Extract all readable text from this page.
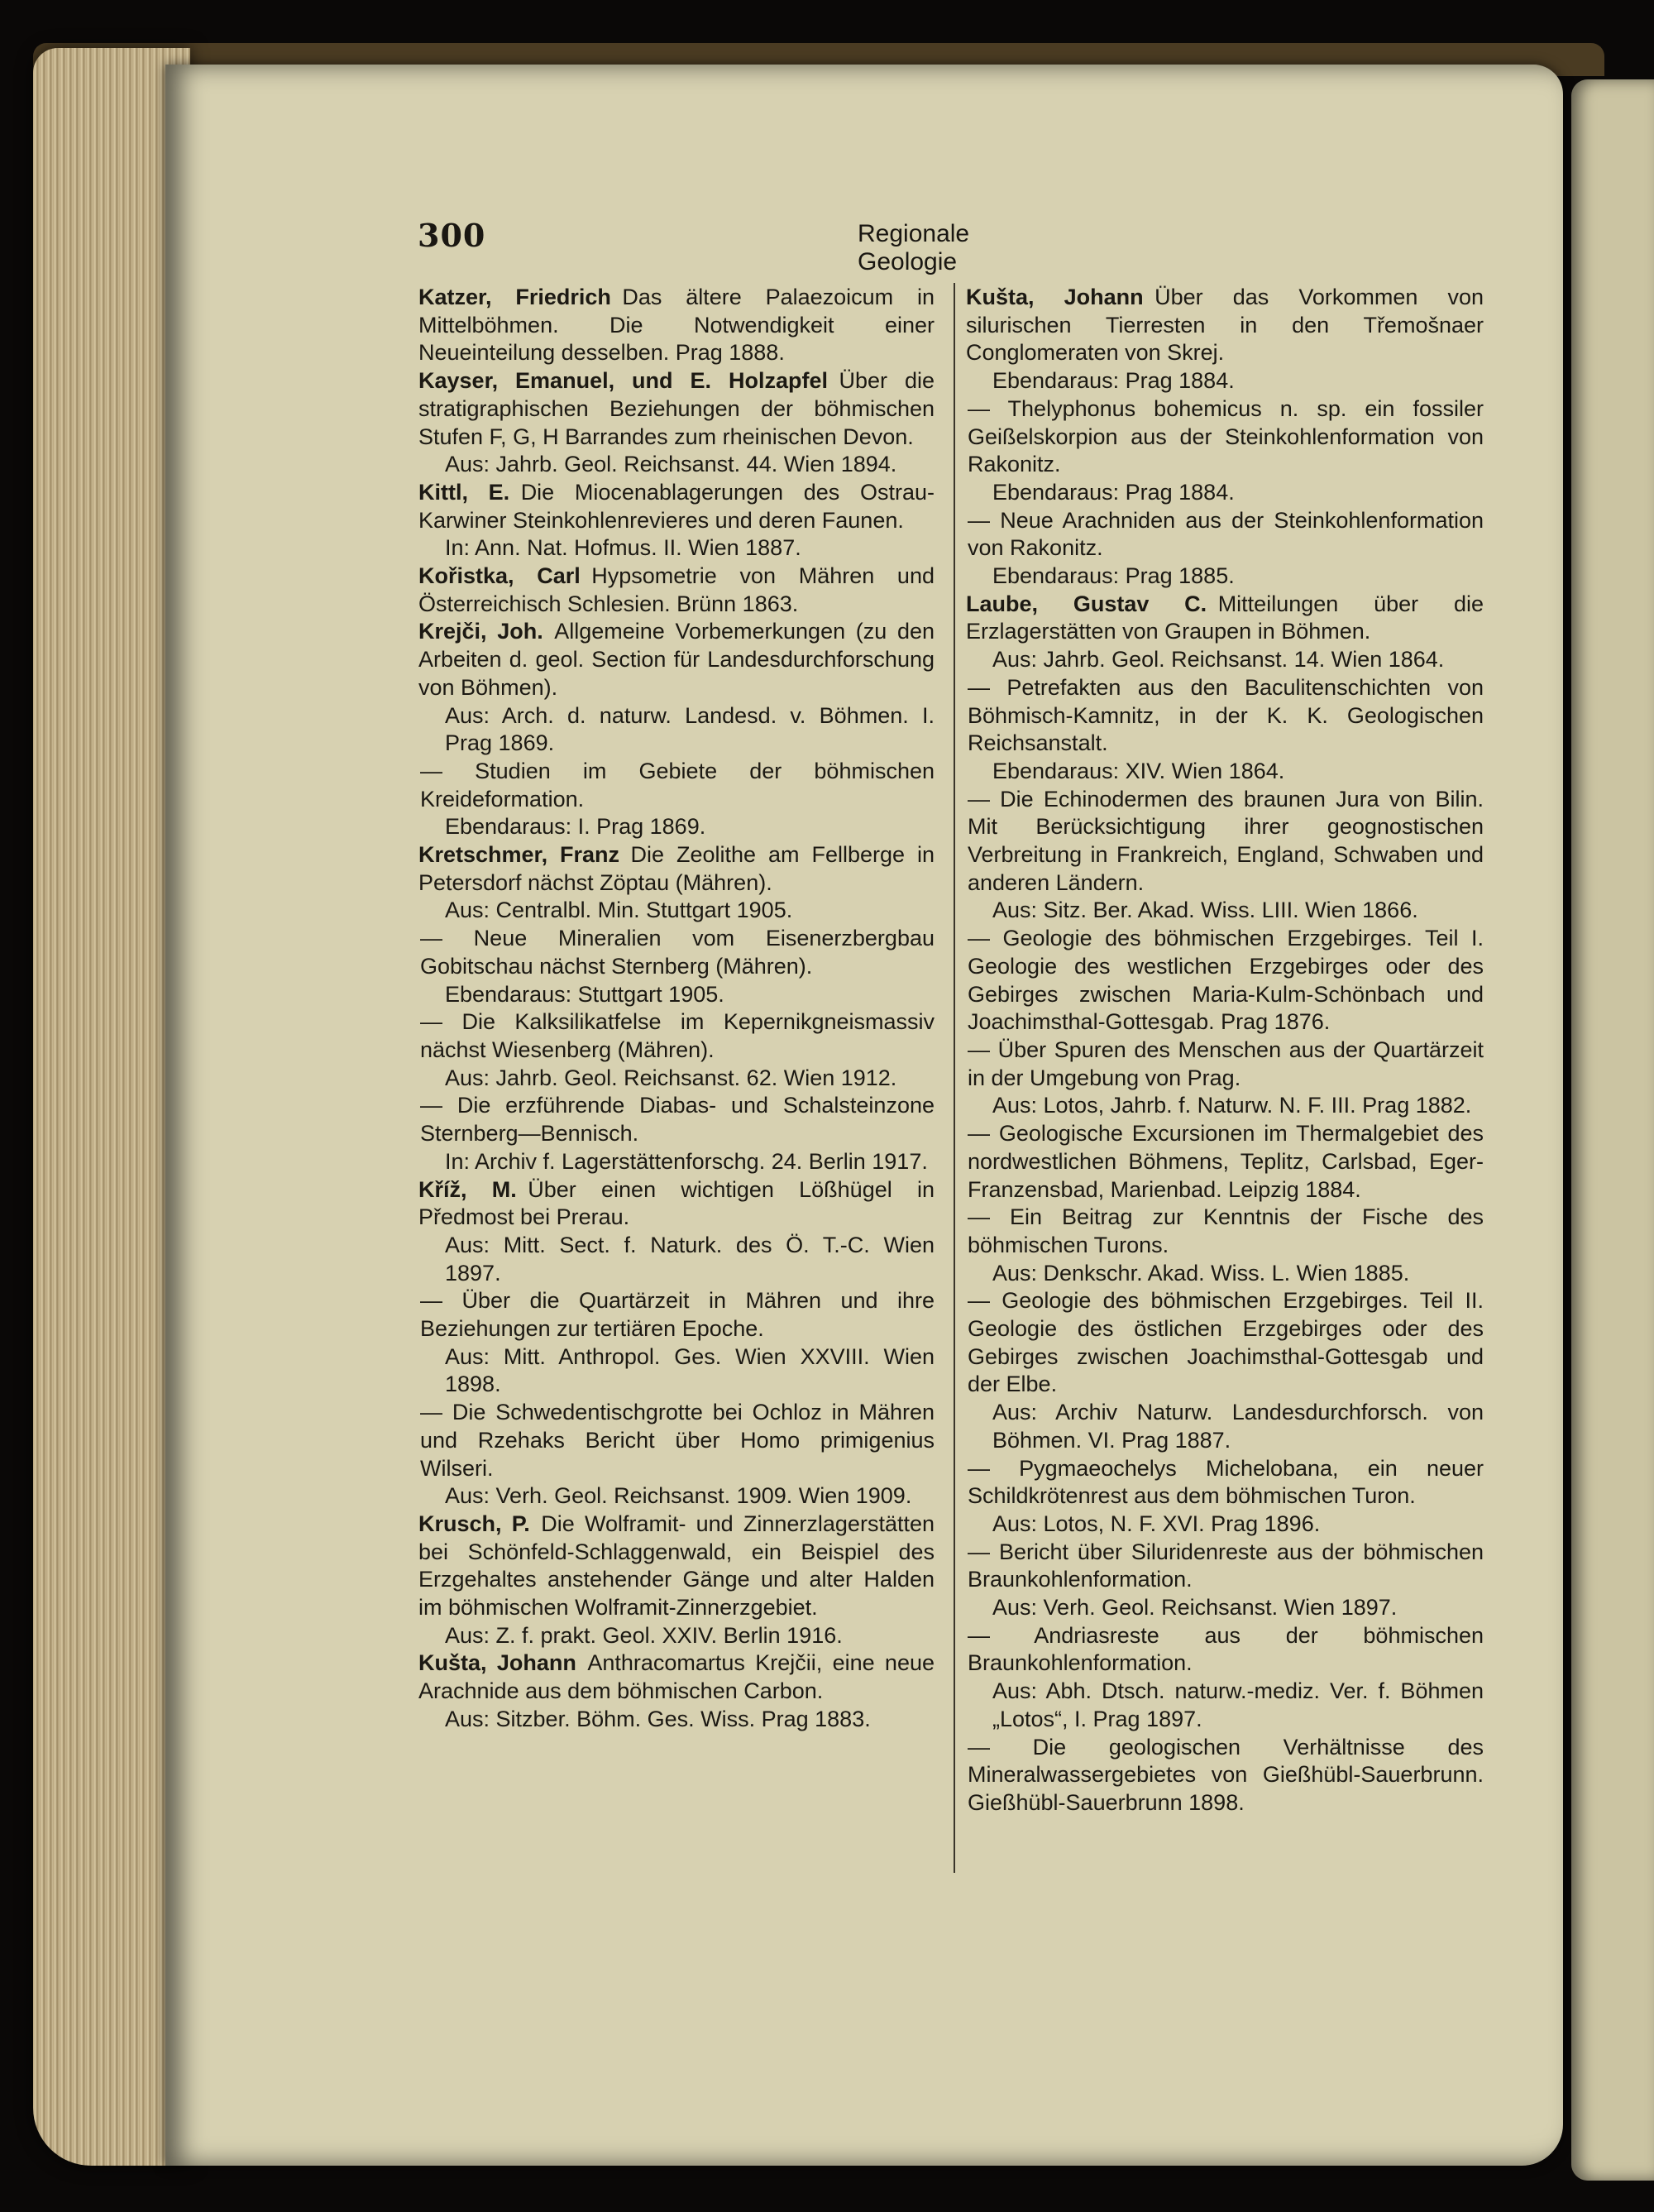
300	Regionale Geologie
Katzer, Friedrich  Das ältere Palaezoicum in Mittelböhmen. Die Notwendigkeit einer Neueinteilung desselben. Prag 1888.
Kayser, Emanuel, und E. Holzapfel  Über die stratigraphischen Beziehungen der böhmischen Stufen F, G, H Barrandes zum rheinischen Devon.
Aus: Jahrb. Geol. Reichsanst. 44. Wien 1894.
Kittl, E.  Die Miocenablagerungen des Ostrau-Karwiner Steinkohlenrevieres und deren Faunen.
In: Ann. Nat. Hofmus. II. Wien 1887.
Kořistka, Carl  Hypsometrie von Mähren und Österreichisch Schlesien. Brünn 1863.
Krejči, Joh.  Allgemeine Vorbemerkungen (zu den Arbeiten d. geol. Section für Landesdurchforschung von Böhmen).
Aus: Arch. d. naturw. Landesd. v. Böhmen. I. Prag 1869.
— Studien im Gebiete der böhmischen Kreideformation.
Ebendaraus: I. Prag 1869.
Kretschmer, Franz  Die Zeolithe am Fellberge in Petersdorf nächst Zöptau (Mähren).
Aus: Centralbl. Min. Stuttgart 1905.
— Neue Mineralien vom Eisenerzbergbau Gobitschau nächst Sternberg (Mähren).
Ebendaraus: Stuttgart 1905.
— Die Kalksilikatfelse im Kepernikgneismassiv nächst Wiesenberg (Mähren).
Aus: Jahrb. Geol. Reichsanst. 62. Wien 1912.
— Die erzführende Diabas- und Schalsteinzone Sternberg—Bennisch.
In: Archiv f. Lagerstättenforschg. 24. Berlin 1917.
Kříž, M.  Über einen wichtigen Lößhügel in Předmost bei Prerau.
Aus: Mitt. Sect. f. Naturk. des Ö. T.-C. Wien 1897.
— Über die Quartärzeit in Mähren und ihre Beziehungen zur tertiären Epoche.
Aus: Mitt. Anthropol. Ges. Wien XXVIII. Wien 1898.
— Die Schwedentischgrotte bei Ochloz in Mähren und Rzehaks Bericht über Homo primigenius Wilseri.
Aus: Verh. Geol. Reichsanst. 1909. Wien 1909.
Krusch, P.  Die Wolframit- und Zinnerzlagerstätten bei Schönfeld-Schlaggenwald, ein Beispiel des Erzgehaltes anstehender Gänge und alter Halden im böhmischen Wolframit-Zinnerzgebiet.
Aus: Z. f. prakt. Geol. XXIV. Berlin 1916.
Kušta, Johann  Anthracomartus Krejčii, eine neue Arachnide aus dem böhmischen Carbon.
Aus: Sitzber. Böhm. Ges. Wiss. Prag 1883.
Kušta, Johann  Über das Vorkommen von silurischen Tierresten in den Třemošnaer Conglomeraten von Skrej.
Ebendaraus: Prag 1884.
— Thelyphonus bohemicus n. sp. ein fossiler Geißelskorpion aus der Steinkohlenformation von Rakonitz.
Ebendaraus: Prag 1884.
— Neue Arachniden aus der Steinkohlenformation von Rakonitz.
Ebendaraus: Prag 1885.
Laube, Gustav C.  Mitteilungen über die Erzlagerstätten von Graupen in Böhmen.
Aus: Jahrb. Geol. Reichsanst. 14. Wien 1864.
— Petrefakten aus den Baculitenschichten von Böhmisch-Kamnitz, in der K. K. Geologischen Reichsanstalt.
Ebendaraus: XIV. Wien 1864.
— Die Echinodermen des braunen Jura von Bilin. Mit Berücksichtigung ihrer geognostischen Verbreitung in Frankreich, England, Schwaben und anderen Ländern.
Aus: Sitz. Ber. Akad. Wiss. LIII. Wien 1866.
— Geologie des böhmischen Erzgebirges. Teil I. Geologie des westlichen Erzgebirges oder des Gebirges zwischen Maria-Kulm-Schönbach und Joachimsthal-Gottesgab. Prag 1876.
— Über Spuren des Menschen aus der Quartärzeit in der Umgebung von Prag.
Aus: Lotos, Jahrb. f. Naturw. N. F. III. Prag 1882.
— Geologische Excursionen im Thermalgebiet des nordwestlichen Böhmens, Teplitz, Carlsbad, Eger-Franzensbad, Marienbad. Leipzig 1884.
— Ein Beitrag zur Kenntnis der Fische des böhmischen Turons.
Aus: Denkschr. Akad. Wiss. L. Wien 1885.
— Geologie des böhmischen Erzgebirges. Teil II. Geologie des östlichen Erzgebirges oder des Gebirges zwischen Joachimsthal-Gottesgab und der Elbe.
Aus: Archiv Naturw. Landesdurchforsch. von Böhmen. VI. Prag 1887.
— Pygmaeochelys Michelobana, ein neuer Schildkrötenrest aus dem böhmischen Turon.
Aus: Lotos, N. F. XVI. Prag 1896.
— Bericht über Siluridenreste aus der böhmischen Braunkohlenformation.
Aus: Verh. Geol. Reichsanst. Wien 1897.
— Andriasreste aus der böhmischen Braunkohlenformation.
Aus: Abh. Dtsch. naturw.-mediz. Ver. f. Böhmen „Lotos“, I. Prag 1897.
— Die geologischen Verhältnisse des Mineralwassergebietes von Gießhübl-Sauerbrunn. Gießhübl-Sauerbrunn 1898.
